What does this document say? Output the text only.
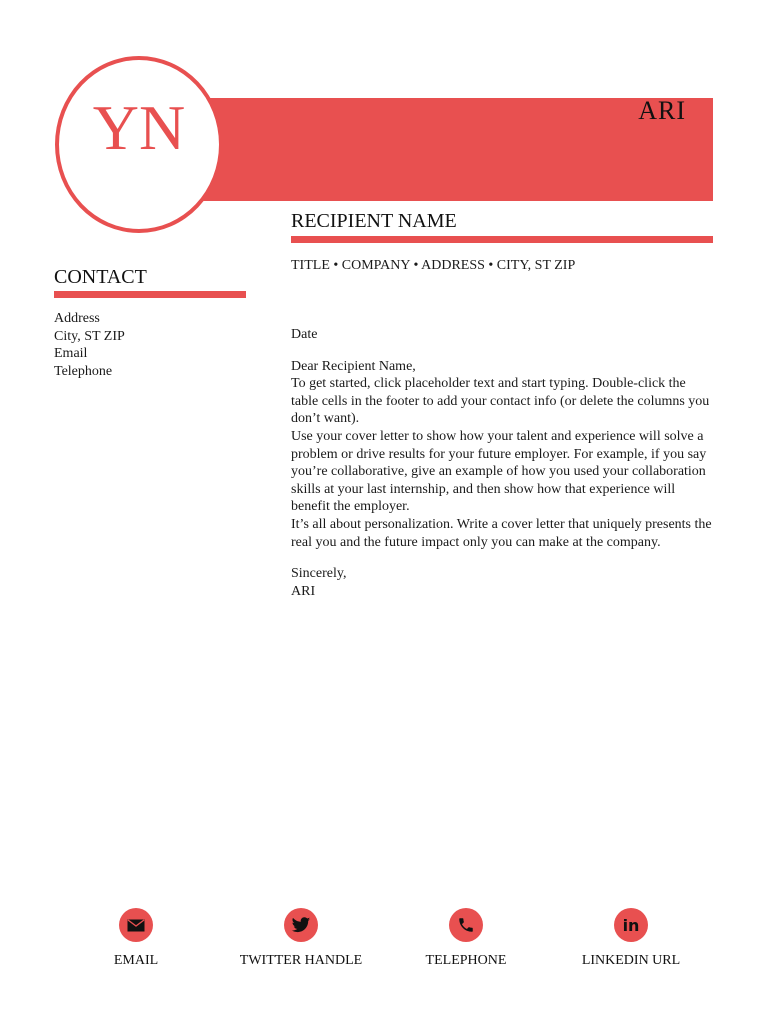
ARI
YN
RECIPIENT NAME
TITLE • COMPANY • ADDRESS • CITY, ST ZIP
CONTACT
Address
City, ST ZIP
Email
Telephone

Date

Dear Recipient Name,

To get started, click placeholder text and start typing. Double-click the table cells in the footer to add your contact info (or delete the columns you don’t want).

Use your cover letter to show how your talent and experience will solve a problem or drive results for your future employer. For example, if you say you’re collaborative, give an example of how you used your collaboration skills at your last internship, and then show how that experience will benefit the employer.

It’s all about personalization. Write a cover letter that uniquely presents the real you and the future impact only you can make at the company.

Sincerely,

ARI

EMAIL	TWITTER HANDLE	TELEPHONE
in
LINKEDIN URL
